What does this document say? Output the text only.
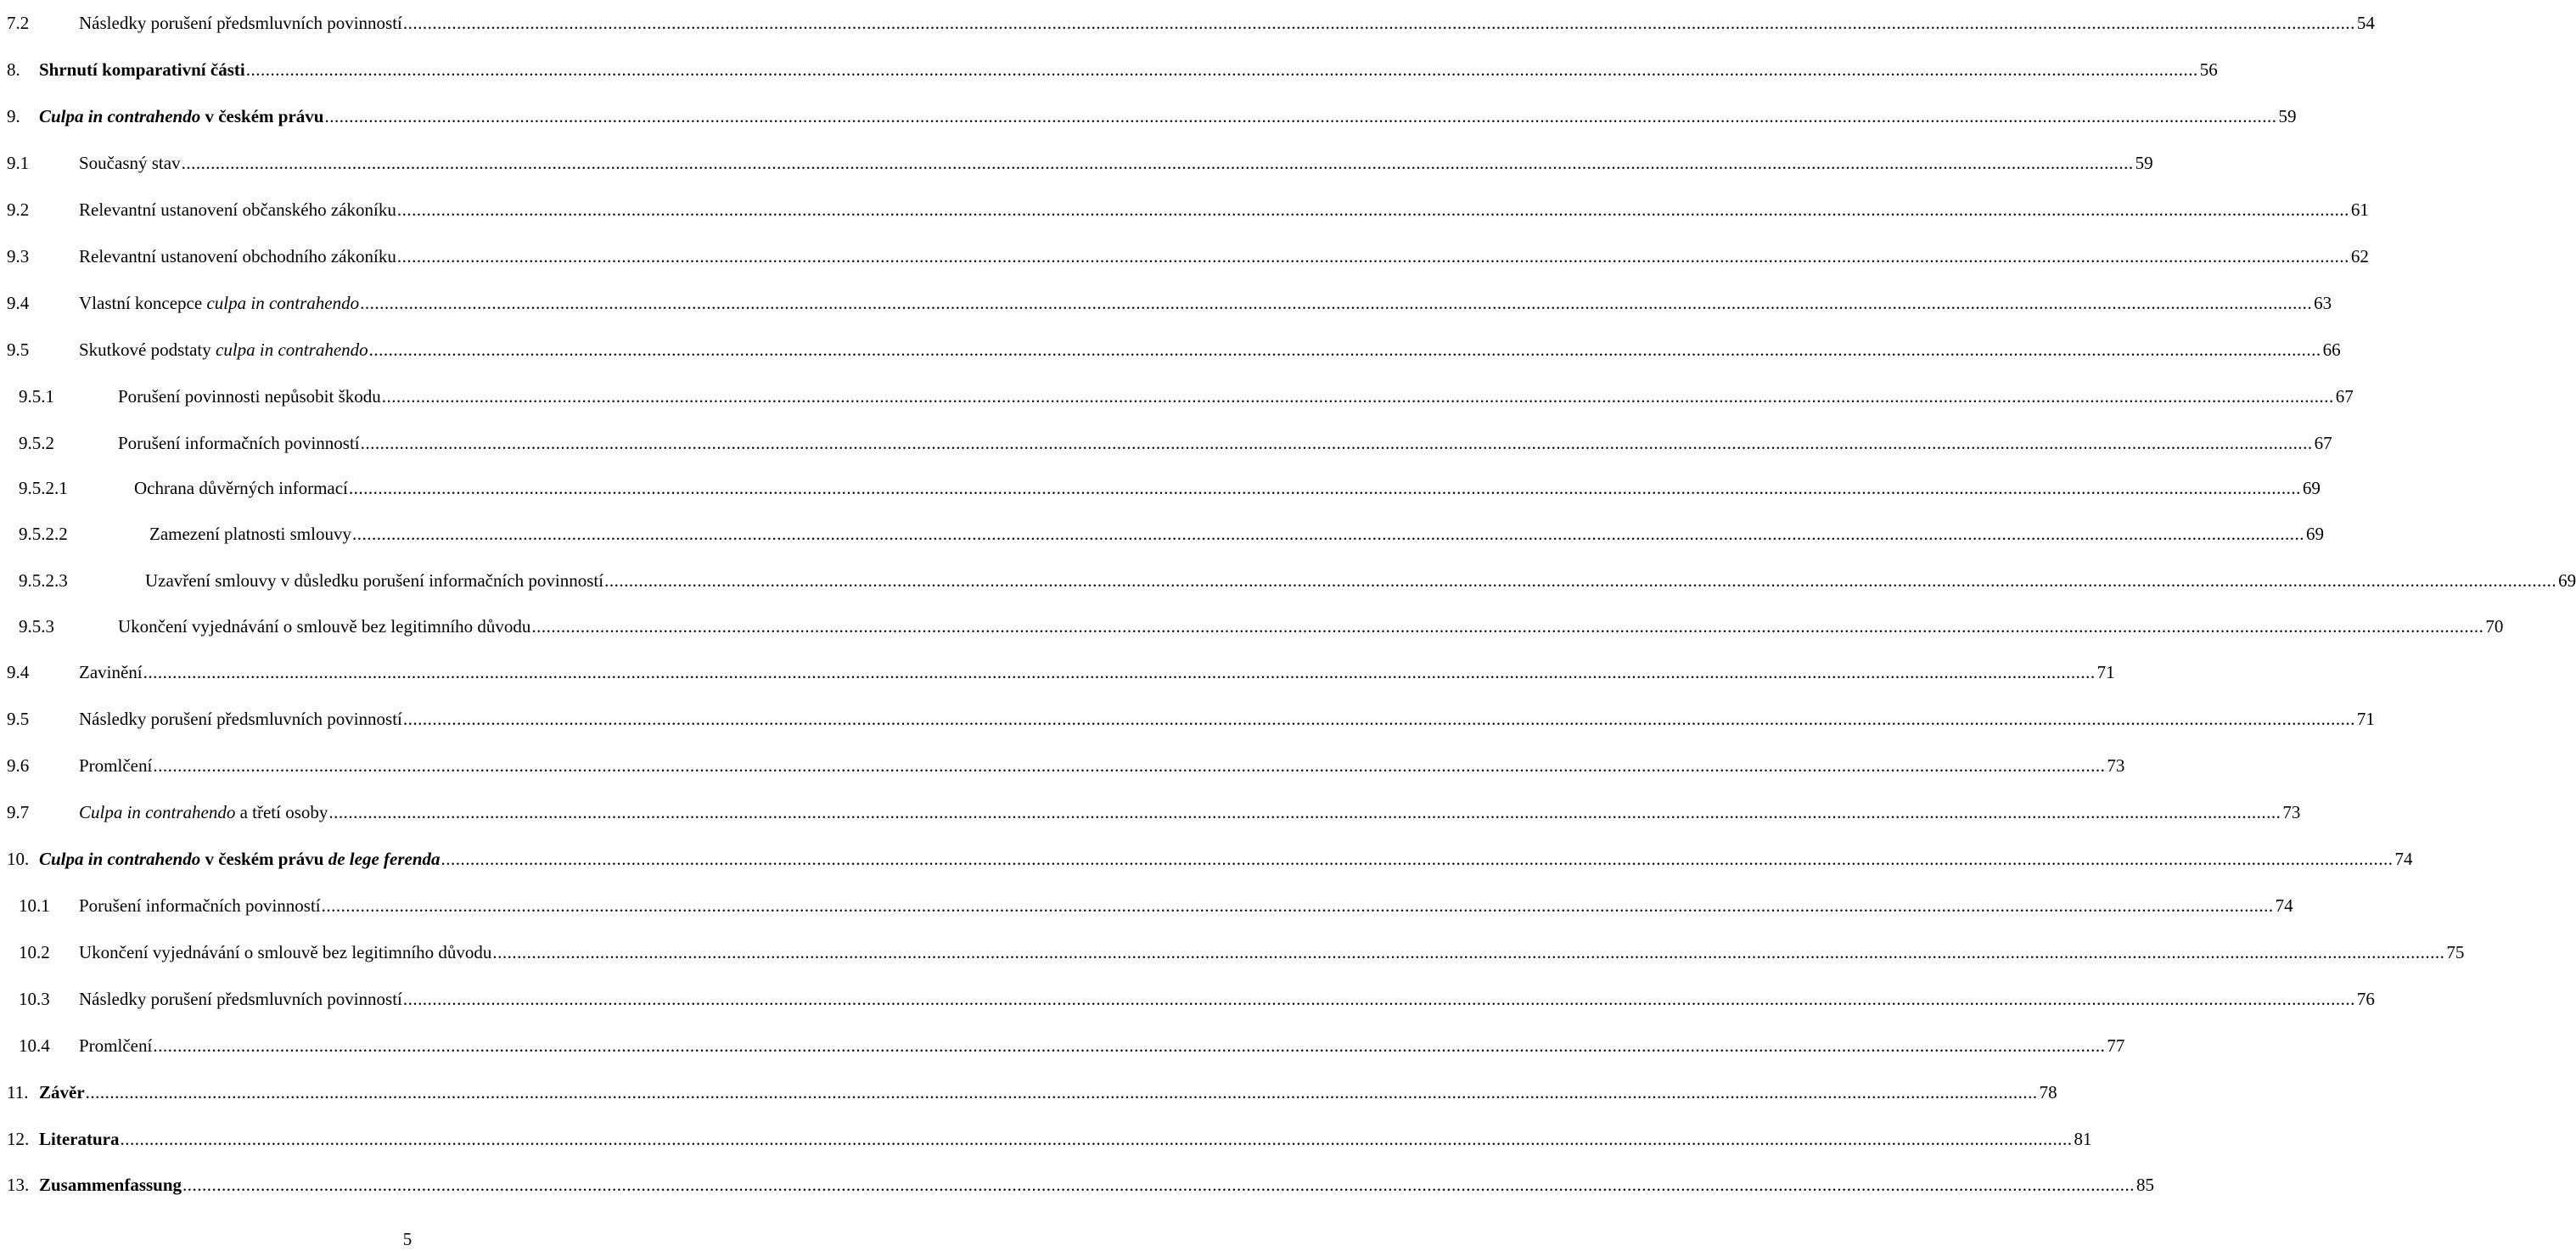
7.2	Následky porušení předsmluvních povinností ................................................................................................................................................................................................................................................................................................................................................................................................................ 54
8. Shrnutí komparativní části ................................................................................................................................................................................................................................................................................................................................................................................................................ 56
9. Culpa in contrahendo v českém právu ................................................................................................................................................................................................................................................................................................................................................................................................................ 59
9.1	Současný stav ................................................................................................................................................................................................................................................................................................................................................................................................................ 59
9.2	Relevantní ustanovení občanského zákoníku ................................................................................................................................................................................................................................................................................................................................................................................................................ 61
9.3	Relevantní ustanovení obchodního zákoníku ................................................................................................................................................................................................................................................................................................................................................................................................................ 62
9.4	Vlastní koncepce culpa in contrahendo ................................................................................................................................................................................................................................................................................................................................................................................................................ 63
9.5	Skutkové podstaty culpa in contrahendo ................................................................................................................................................................................................................................................................................................................................................................................................................ 66
9.5.1	Porušení povinnosti nepůsobit škodu ................................................................................................................................................................................................................................................................................................................................................................................................................ 67
9.5.2	Porušení informačních povinností ................................................................................................................................................................................................................................................................................................................................................................................................................ 67
9.5.2.1	Ochrana důvěrných informací ................................................................................................................................................................................................................................................................................................................................................................................................................ 69
9.5.2.2	Zamezení platnosti smlouvy ................................................................................................................................................................................................................................................................................................................................................................................................................ 69
9.5.2.3	Uzavření smlouvy v důsledku porušení informačních povinností ................................................................................................................................................................................................................................................................................................................................................................................................................ 69
9.5.3	Ukončení vyjednávání o smlouvě bez legitimního důvodu ................................................................................................................................................................................................................................................................................................................................................................................................................ 70
9.4	Zavinění ................................................................................................................................................................................................................................................................................................................................................................................................................ 71
9.5	Následky porušení předsmluvních povinností ................................................................................................................................................................................................................................................................................................................................................................................................................ 71
9.6	Promlčení ................................................................................................................................................................................................................................................................................................................................................................................................................ 73
9.7	Culpa in contrahendo a třetí osoby ................................................................................................................................................................................................................................................................................................................................................................................................................ 73
10. Culpa in contrahendo v českém právu de lege ferenda ................................................................................................................................................................................................................................................................................................................................................................................................................ 74
10.1 Porušení informačních povinností ................................................................................................................................................................................................................................................................................................................................................................................................................ 74
10.2 Ukončení vyjednávání o smlouvě bez legitimního důvodu ................................................................................................................................................................................................................................................................................................................................................................................................................ 75
10.3 Následky porušení předsmluvních povinností ................................................................................................................................................................................................................................................................................................................................................................................................................ 76
10.4 Promlčení ................................................................................................................................................................................................................................................................................................................................................................................................................ 77
11. Závěr ................................................................................................................................................................................................................................................................................................................................................................................................................ 78
12. Literatura ................................................................................................................................................................................................................................................................................................................................................................................................................ 81
13. Zusammenfassung ................................................................................................................................................................................................................................................................................................................................................................................................................ 85
5
